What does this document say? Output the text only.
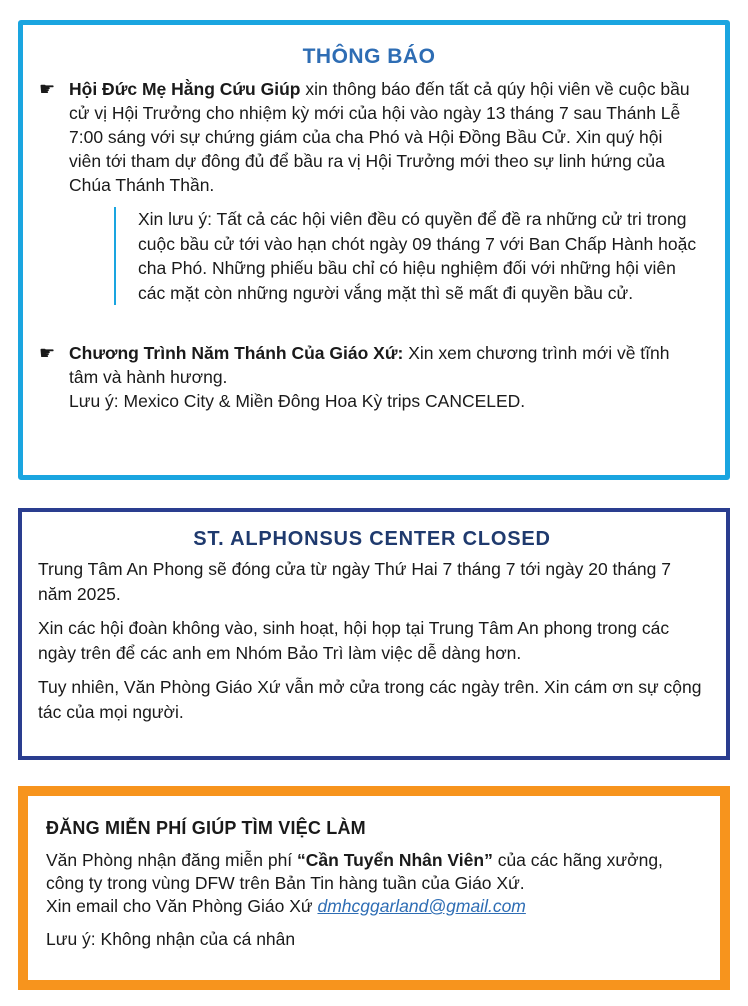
THÔNG BÁO
☛ Hội Đức Mẹ Hằng Cứu Giúp xin thông báo đến tất cả qúy hội viên về cuộc bầu cử vị Hội Trưởng cho nhiệm kỳ mới của hội vào ngày 13 tháng 7 sau Thánh Lễ 7:00 sáng với sự chứng giám của cha Phó và Hội Đồng Bầu Cử. Xin quý hội viên tới tham dự đông đủ để bầu ra vị Hội Trưởng mới theo sự linh hứng của Chúa Thánh Thần.
Xin lưu ý: Tất cả các hội viên đều có quyền để đề ra những cử tri trong cuộc bầu cử tới vào hạn chót ngày 09 tháng 7 với Ban Chấp Hành hoặc cha Phó. Những phiếu bầu chỉ có hiệu nghiệm đối với những hội viên các mặt còn những người vắng mặt thì sẽ mất đi quyền bầu cử.
☛ Chương Trình Năm Thánh Của Giáo Xứ: Xin xem chương trình mới về tĩnh tâm và hành hương.
Lưu ý: Mexico City & Miền Đông Hoa Kỳ trips CANCELED.
ST. ALPHONSUS CENTER CLOSED

Trung Tâm An Phong sẽ đóng cửa từ ngày Thứ Hai 7 tháng 7 tới ngày 20 tháng 7 năm 2025.

Xin các hội đoàn không vào, sinh hoạt, hội họp tại Trung Tâm An phong trong các ngày trên để các anh em Nhóm Bảo Trì làm việc dễ dàng hơn.

Tuy nhiên, Văn Phòng Giáo Xứ vẫn mở cửa trong các ngày trên. Xin cám ơn sự cộng tác của mọi người.

ĐĂNG MIỄN PHÍ GIÚP TÌM VIỆC LÀM
Văn Phòng nhận đăng miễn phí “Cần Tuyển Nhân Viên” của các hãng xưởng, công ty trong vùng DFW trên Bản Tin hàng tuần của Giáo Xứ.
Xin email cho Văn Phòng Giáo Xứ dmhcggarland@gmail.com
Lưu ý: Không nhận của cá nhân
